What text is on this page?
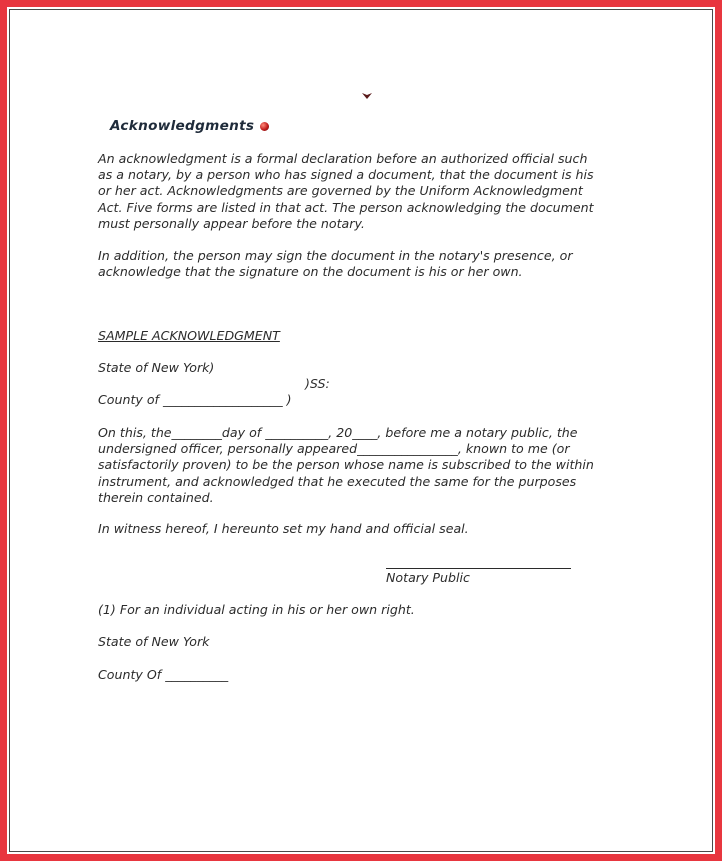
Acknowledgments

An acknowledgment is a formal declaration before an authorized official such
as a notary, by a person who has signed a document, that the document is his
or her act. Acknowledgments are governed by the Uniform Acknowledgment
Act. Five forms are listed in that act. The person acknowledging the document
must personally appear before the notary.

In addition, the person may sign the document in the notary's presence, or
acknowledge that the signature on the document is his or her own.

SAMPLE ACKNOWLEDGMENT
State of New York)
)SS:
County of ___________________ )

On this, the________day of __________, 20____, before me a notary public, the
undersigned officer, personally appeared________________, known to me (or
satisfactorily proven) to be the person whose name is subscribed to the within
instrument, and acknowledged that he executed the same for the purposes
therein contained.

In witness hereof, I hereunto set my hand and official seal.
Notary Public
(1) For an individual acting in his or her own right.
State of New York
County Of __________
